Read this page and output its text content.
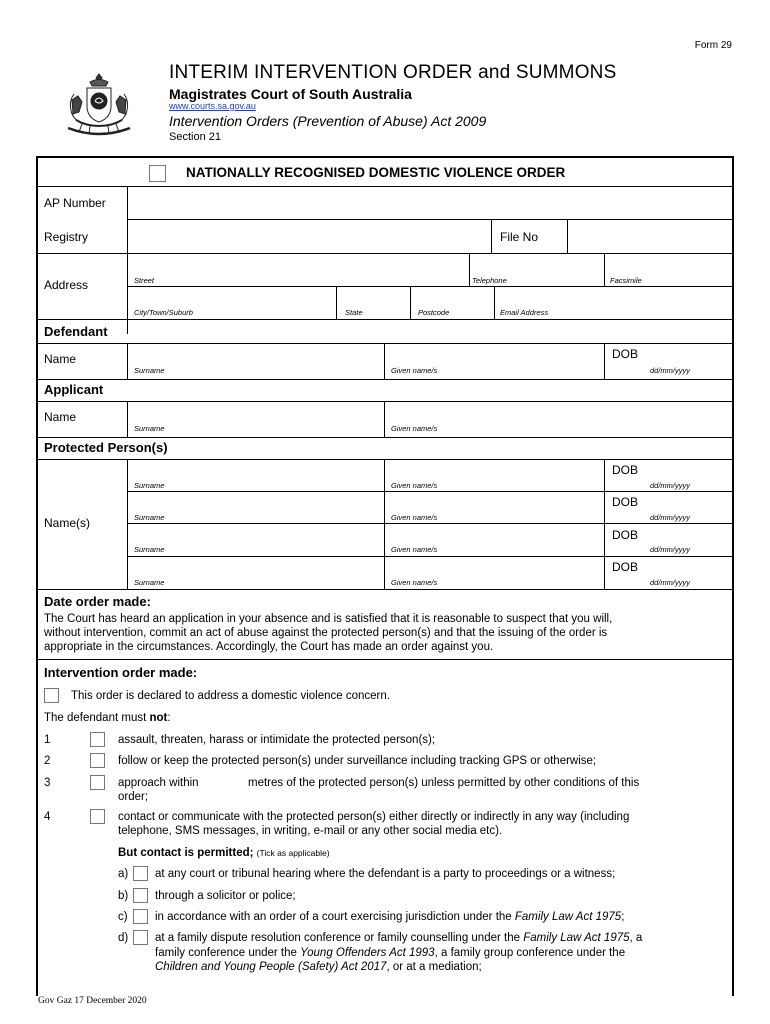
Form 29
INTERIM INTERVENTION ORDER and SUMMONS
Magistrates Court of South Australia
www.courts.sa.gov.au
Intervention Orders (Prevention of Abuse) Act 2009
Section 21
NATIONALLY RECOGNISED DOMESTIC VIOLENCE ORDER
AP Number
Registry	File No
Address	Street	Telephone	Facsimile
City/Town/Suburb	State	Postcode	Email Address
Defendant
Name
Surname	Given name/s
DOB
dd/mm/yyyy
Applicant
Name
Surname	Given name/s
Protected Person(s)
Name(s)
DOB
Surname	Given name/s	dd/mm/yyyy
DOB
Surname	Given name/s	dd/mm/yyyy
DOB
Surname	Given name/s	dd/mm/yyyy
DOB
Surname	Given name/s	dd/mm/yyyy
Date order made:
The Court has heard an application in your absence and is satisfied that it is reasonable to suspect that you will,
without intervention, commit an act of abuse against the protected person(s) and that the issuing of the order is
appropriate in the circumstances. Accordingly, the Court has made an order against you.
Intervention order made:
This order is declared to address a domestic violence concern.
The defendant must not:
1	assault, threaten, harass or intimidate the protected person(s);
2	follow or keep the protected person(s) under surveillance including tracking GPS or otherwise;
3	approach within	metres of the protected person(s) unless permitted by other conditions of this
order;
4	contact or communicate with the protected person(s) either directly or indirectly in any way (including
telephone, SMS messages, in writing, e-mail or any other social media etc).
But contact is permitted; (Tick as applicable)
a) at any court or tribunal hearing where the defendant is a party to proceedings or a witness;
b) through a solicitor or police;
c) in accordance with an order of a court exercising jurisdiction under the Family Law Act 1975;
d) at a family dispute resolution conference or family counselling under the Family Law Act 1975, a
family conference under the Young Offenders Act 1993, a family group conference under the
Children and Young People (Safety) Act 2017, or at a mediation;
Gov Gaz 17 December 2020
